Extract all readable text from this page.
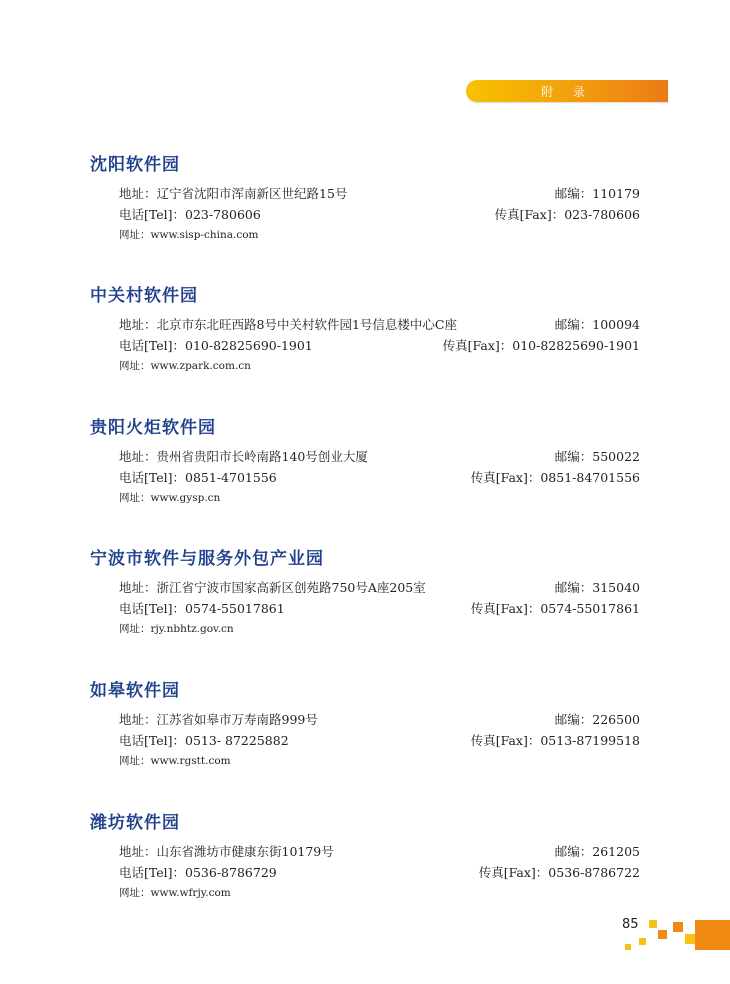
附 录
沈阳软件园
地址：辽宁省沈阳市浑南新区世纪路15号	邮编：110179
电话[Tel]：023-780606	传真[Fax]：023-780606
网址：www.sisp-china.com
中关村软件园
地址：北京市东北旺西路8号中关村软件园1号信息楼中心C座	邮编：100094
电话[Tel]：010-82825690-1901	传真[Fax]：010-82825690-1901
网址：www.zpark.com.cn
贵阳火炬软件园
地址：贵州省贵阳市长岭南路140号创业大厦	邮编：550022
电话[Tel]：0851-4701556	传真[Fax]：0851-84701556
网址：www.gysp.cn
宁波市软件与服务外包产业园
地址：浙江省宁波市国家高新区创苑路750号A座205室	邮编：315040
电话[Tel]：0574-55017861	传真[Fax]：0574-55017861
网址：rjy.nbhtz.gov.cn
如皋软件园
地址：江苏省如皋市万寿南路999号	邮编：226500
电话[Tel]：0513- 87225882	传真[Fax]：0513-87199518
网址：www.rgstt.com
潍坊软件园
地址：山东省潍坊市健康东街10179号	邮编：261205
电话[Tel]：0536-8786729	传真[Fax]：0536-8786722
网址：www.wfrjy.com
85
